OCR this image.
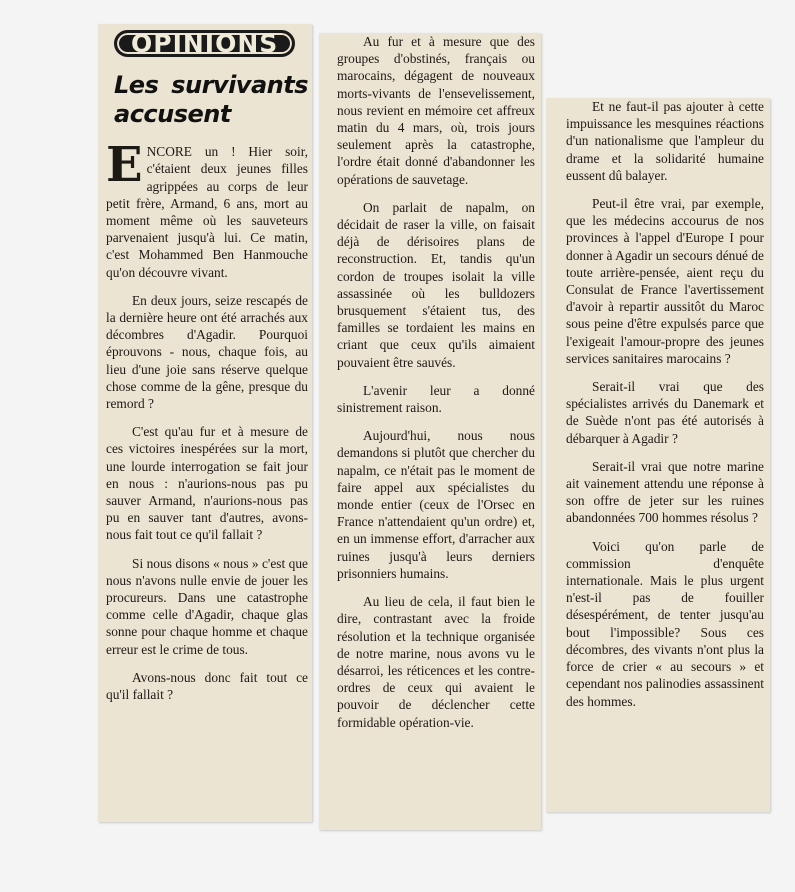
OPINIONS
Les survivants accusent

ENCORE un ! Hier soir, c'étaient deux jeunes filles agrippées au corps de leur petit frère, Armand, 6 ans, mort au moment même où les sauveteurs parvenaient jusqu'à lui. Ce matin, c'est Mohammed Ben Hanmouche qu'on découvre vivant.

En deux jours, seize rescapés de la dernière heure ont été arrachés aux décombres d'Agadir. Pourquoi éprouvons - nous, chaque fois, au lieu d'une joie sans réserve quelque chose comme de la gêne, presque du remord ?

C'est qu'au fur et à mesure de ces victoires inespérées sur la mort, une lourde interrogation se fait jour en nous : n'aurions-nous pas pu sauver Armand, n'aurions-nous pas pu en sauver tant d'autres, avons-nous fait tout ce qu'il fallait ?

Si nous disons « nous » c'est que nous n'avons nulle envie de jouer les procureurs. Dans une catastrophe comme celle d'Agadir, chaque glas sonne pour chaque homme et chaque erreur est le crime de tous.

Avons-nous donc fait tout ce qu'il fallait ?

Au fur et à mesure que des groupes d'obstinés, français ou marocains, dégagent de nouveaux morts-vivants de l'ensevelissement, nous revient en mémoire cet affreux matin du 4 mars, où, trois jours seulement après la catastrophe, l'ordre était donné d'abandonner les opérations de sauvetage.

On parlait de napalm, on décidait de raser la ville, on faisait déjà de dérisoires plans de reconstruction. Et, tandis qu'un cordon de troupes isolait la ville assassinée où les bulldozers brusquement s'étaient tus, des familles se tordaient les mains en criant que ceux qu'ils aimaient pouvaient être sauvés.

L'avenir leur a donné sinistrement raison.

Aujourd'hui, nous nous demandons si plutôt que chercher du napalm, ce n'était pas le moment de faire appel aux spécialistes du monde entier (ceux de l'Orsec en France n'attendaient qu'un ordre) et, en un immense effort, d'arracher aux ruines jusqu'à leurs derniers prisonniers humains.

Au lieu de cela, il faut bien le dire, contrastant avec la froide résolution et la technique organisée de notre marine, nous avons vu le désarroi, les réticences et les contre-ordres de ceux qui avaient le pouvoir de déclencher cette formidable opération-vie.

Et ne faut-il pas ajouter à cette impuissance les mesquines réactions d'un nationalisme que l'ampleur du drame et la solidarité humaine eussent dû balayer.

Peut-il être vrai, par exemple, que les médecins accourus de nos provinces à l'appel d'Europe I pour donner à Agadir un secours dénué de toute arrière-pensée, aient reçu du Consulat de France l'avertissement d'avoir à repartir aussitôt du Maroc sous peine d'être expulsés parce que l'exigeait l'amour-propre des jeunes services sanitaires marocains ?

Serait-il vrai que des spécialistes arrivés du Danemark et de Suède n'ont pas été autorisés à débarquer à Agadir ?

Serait-il vrai que notre marine ait vainement attendu une réponse à son offre de jeter sur les ruines abandonnées 700 hommes résolus ?

Voici qu'on parle de commission d'enquête internationale. Mais le plus urgent n'est-il pas de fouiller désespérément, de tenter jusqu'au bout l'impossible? Sous ces décombres, des vivants n'ont plus la force de crier « au secours » et cependant nos palinodies assassinent des hommes.
